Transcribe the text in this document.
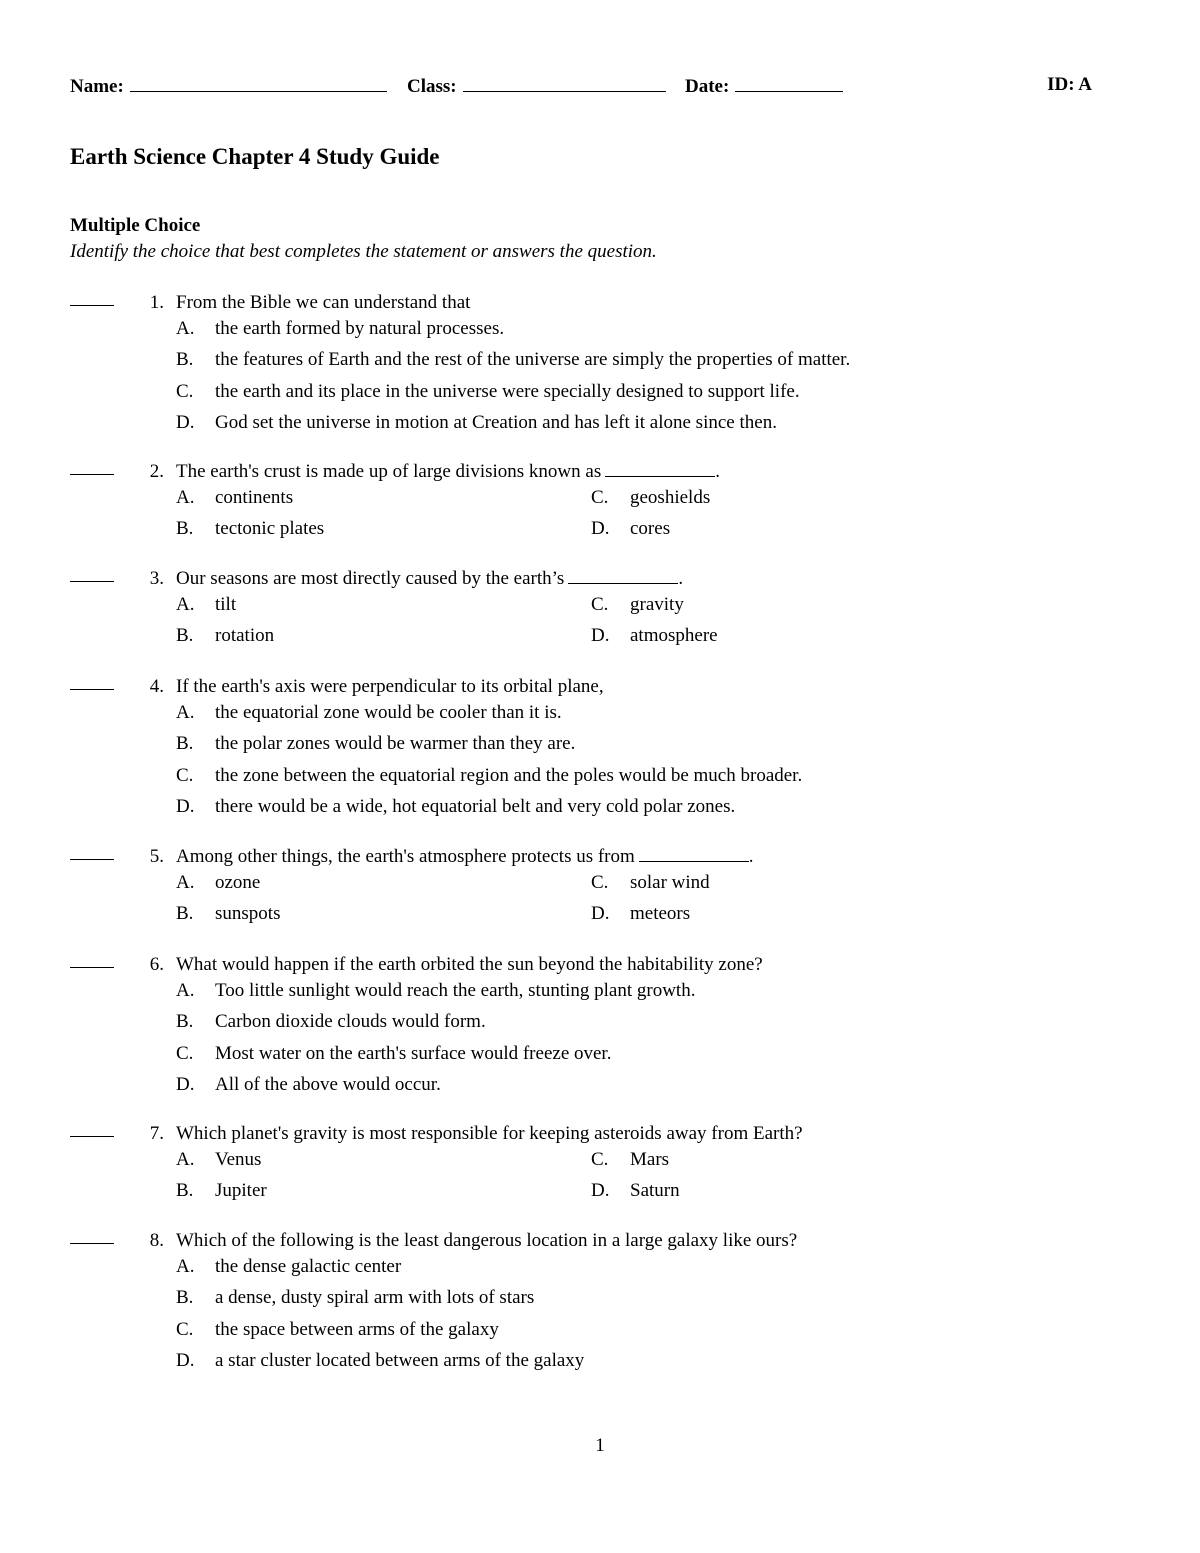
Name:	Class:	Date:	ID: A
Earth Science Chapter 4 Study Guide
Multiple Choice
Identify the choice that best completes the statement or answers the question.
1. From the Bible we can understand that
A. the earth formed by natural processes.
B. the features of Earth and the rest of the universe are simply the properties of matter.
C. the earth and its place in the universe were specially designed to support life.
D. God set the universe in motion at Creation and has left it alone since then.
2. The earth's crust is made up of large divisions known as	.
A. continents	C. geoshields
B. tectonic plates	D. cores
3. Our seasons are most directly caused by the earth’s	.
A. tilt	C. gravity
B. rotation	D. atmosphere
4. If the earth's axis were perpendicular to its orbital plane,
A. the equatorial zone would be cooler than it is.
B. the polar zones would be warmer than they are.
C. the zone between the equatorial region and the poles would be much broader.
D. there would be a wide, hot equatorial belt and very cold polar zones.
5. Among other things, the earth's atmosphere protects us from	.
A. ozone	C. solar wind
B. sunspots	D. meteors
6. What would happen if the earth orbited the sun beyond the habitability zone?
A. Too little sunlight would reach the earth, stunting plant growth.
B. Carbon dioxide clouds would form.
C. Most water on the earth's surface would freeze over.
D. All of the above would occur.
7. Which planet's gravity is most responsible for keeping asteroids away from Earth?
A. Venus	C. Mars
B. Jupiter	D. Saturn
8. Which of the following is the least dangerous location in a large galaxy like ours?
A. the dense galactic center
B. a dense, dusty spiral arm with lots of stars
C. the space between arms of the galaxy
D. a star cluster located between arms of the galaxy
1
